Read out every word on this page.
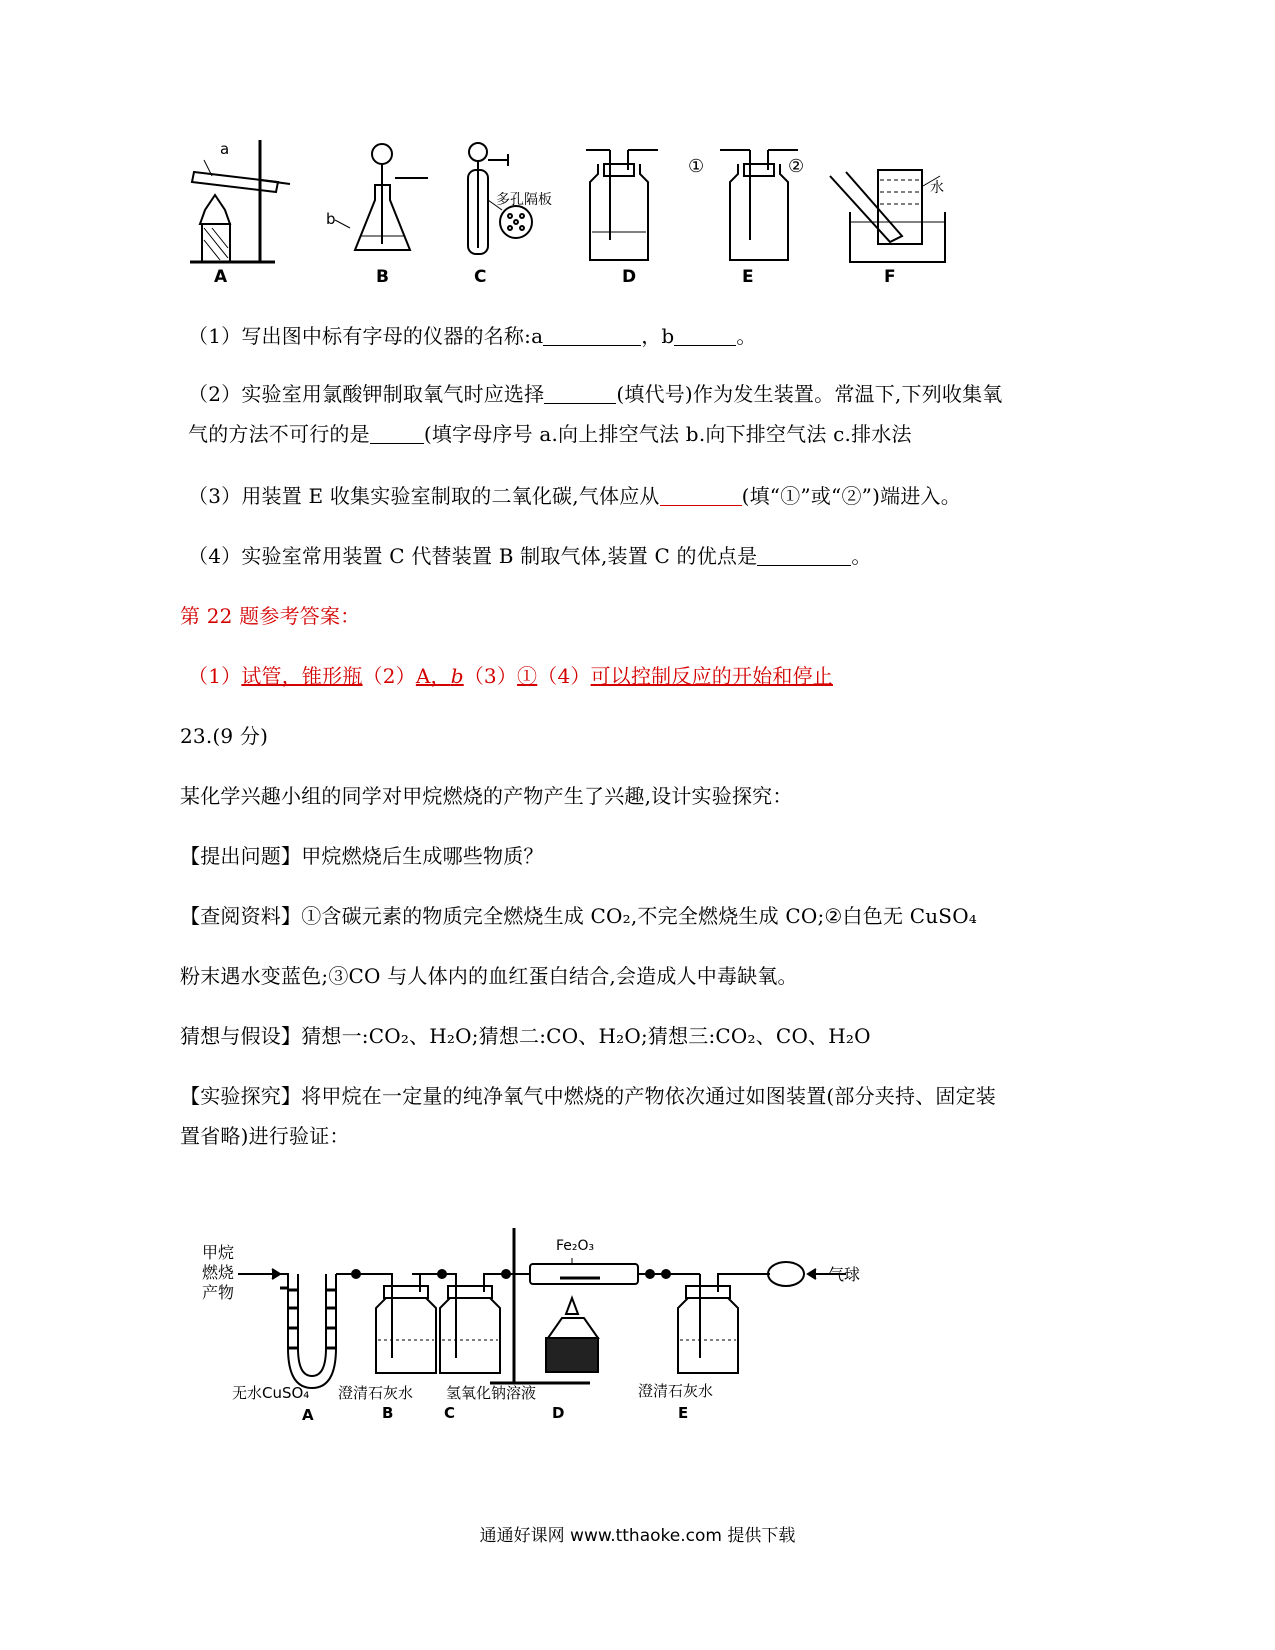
a
b
多孔隔板
①	②
水
A	B	C	D	E	F
（1）写出图中标有字母的仪器的名称:a	，b	。
（2）实验室用氯酸钾制取氧气时应选择	(填代号)作为发生装置。常温下,下列收集氧
气的方法不可行的是	(填字母序号 a.向上排空气法 b.向下排空气法 c.排水法
（3）用装置 E 收集实验室制取的二氧化碳,气体应从	(填“①”或“②”)端进入。
（4）实验室常用装置 C 代替装置 B 制取气体,装置 C 的优点是	。
第 22 题参考答案：
（1）试管，锥形瓶（2）A，b（3）①（4）可以控制反应的开始和停止
23.(9 分)
某化学兴趣小组的同学对甲烷燃烧的产物产生了兴趣,设计实验探究：
【提出问题】甲烷燃烧后生成哪些物质？
【查阅资料】①含碳元素的物质完全燃烧生成 CO₂,不完全燃烧生成 CO;②白色无 CuSO₄
粉末遇水变蓝色;③CO 与人体内的血红蛋白结合,会造成人中毒缺氧。
猜想与假设】猜想一:CO₂、H₂O;猜想二:CO、H₂O;猜想三:CO₂、CO、H₂O
【实验探究】将甲烷在一定量的纯净氧气中燃烧的产物依次通过如图装置(部分夹持、固定装
置省略)进行验证：
甲烷
燃烧
产物
Fe₂O₃
气球
无水CuSO₄ 澄清石灰水 氢氧化钠溶液	澄清石灰水
A	B	C	D	E
通通好课网 www.tthaoke.com 提供下载
